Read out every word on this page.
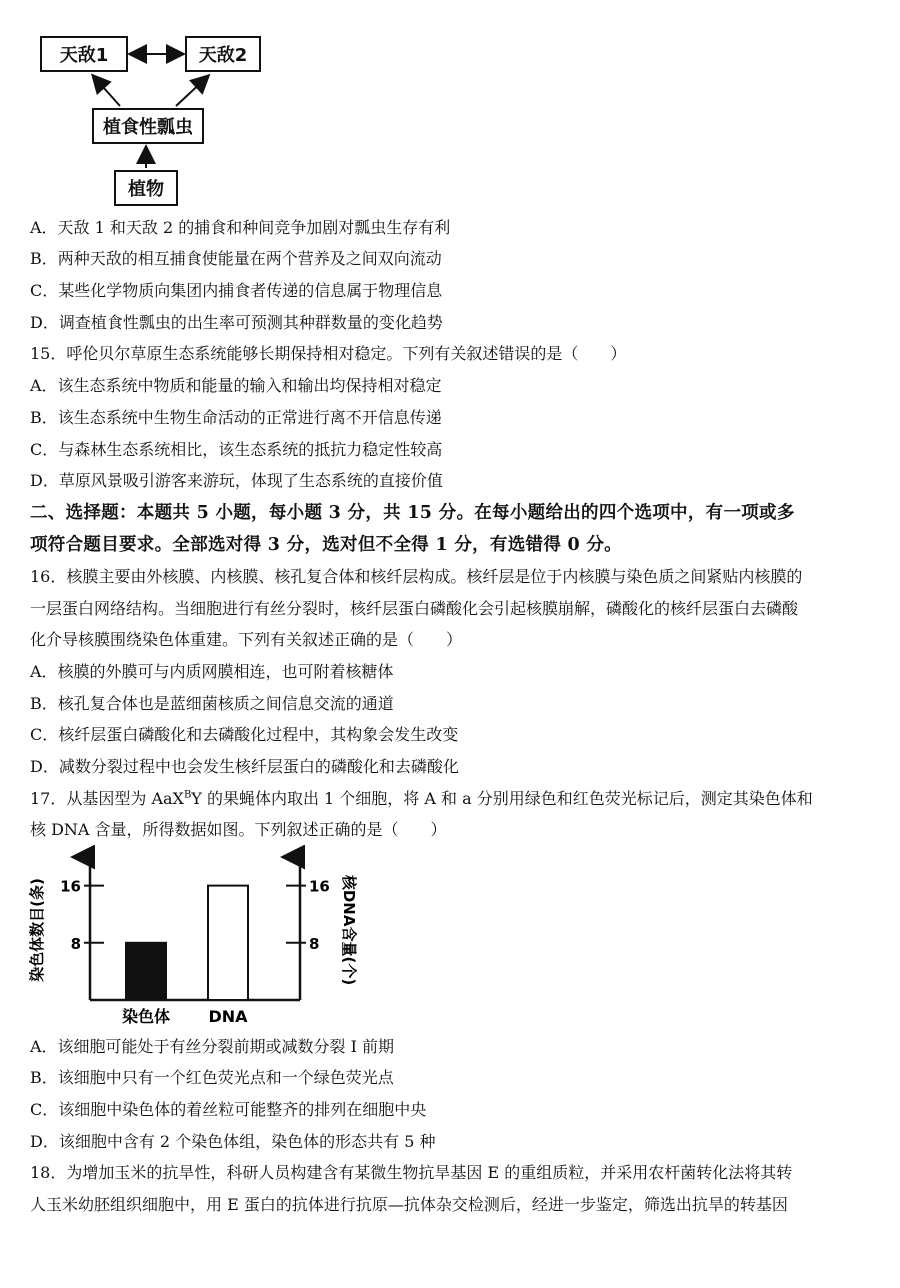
天敌1	天敌2
植食性瓢虫
植物
A．天敌 1 和天敌 2 的捕食和种间竞争加剧对瓢虫生存有利
B．两种天敌的相互捕食使能量在两个营养及之间双向流动
C．某些化学物质向集团内捕食者传递的信息属于物理信息
D．调查植食性瓢虫的出生率可预测其种群数量的变化趋势
15．呼伦贝尔草原生态系统能够长期保持相对稳定。下列有关叙述错误的是（　　）
A．该生态系统中物质和能量的输入和输出均保持相对稳定
B．该生态系统中生物生命活动的正常进行离不开信息传递
C．与森林生态系统相比，该生态系统的抵抗力稳定性较高
D．草原风景吸引游客来游玩，体现了生态系统的直接价值
二、选择题：本题共 5 小题，每小题 3 分，共 15 分。在每小题给出的四个选项中，有一项或多
项符合题目要求。全部选对得 3 分，选对但不全得 1 分，有选错得 0 分。
16．核膜主要由外核膜、内核膜、核孔复合体和核纤层构成。核纤层是位于内核膜与染色质之间紧贴内核膜的
一层蛋白网络结构。当细胞进行有丝分裂时，核纤层蛋白磷酸化会引起核膜崩解，磷酸化的核纤层蛋白去磷酸
化介导核膜围绕染色体重建。下列有关叙述正确的是（　　）
A．核膜的外膜可与内质网膜相连，也可附着核糖体
B．核孔复合体也是蓝细菌核质之间信息交流的通道
C．核纤层蛋白磷酸化和去磷酸化过程中，其构象会发生改变
D．减数分裂过程中也会发生核纤层蛋白的磷酸化和去磷酸化
17．从基因型为 AaX$^B$Y 的果蝇体内取出 1 个细胞，将 A 和 a 分别用绿色和红色荧光标记后，测定其染色体和
核 DNA 含量，所得数据如图。下列叙述正确的是（　　）
染色体数目(条)	核DNA含量(个)
8	8
16	16
染色体 DNA
A．该细胞可能处于有丝分裂前期或减数分裂 I 前期
B．该细胞中只有一个红色荧光点和一个绿色荧光点
C．该细胞中染色体的着丝粒可能整齐的排列在细胞中央
D．该细胞中含有 2 个染色体组，染色体的形态共有 5 种
18．为增加玉米的抗旱性，科研人员构建含有某微生物抗旱基因 E 的重组质粒，并采用农杆菌转化法将其转
人玉米幼胚组织细胞中，用 E 蛋白的抗体进行抗原—抗体杂交检测后，经进一步鉴定，筛选出抗旱的转基因
